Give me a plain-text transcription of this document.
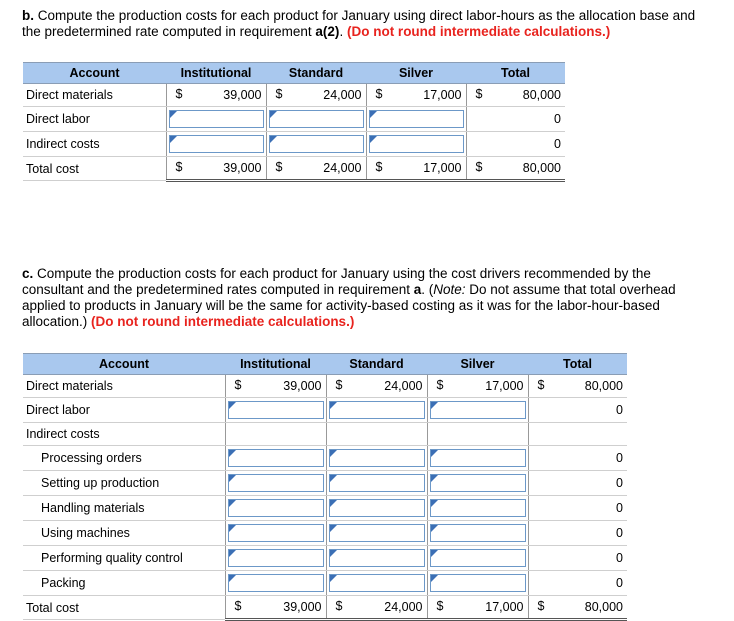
b. Compute the production costs for each product for January using direct labor-hours as the allocation base and
the predetermined rate computed in requirement a(2). (Do not round intermediate calculations.)
Account	Institutional	Standard	Silver	Total
Direct materials	$ 39,000	$ 24,000	$ 17,000	$ 80,000
Direct labor				0
Indirect costs				0
Total cost	$ 39,000	$ 24,000	$ 17,000	$ 80,000
c. Compute the production costs for each product for January using the cost drivers recommended by the
consultant and the predetermined rates computed in requirement a. (Note: Do not assume that total overhead
applied to products in January will be the same for activity-based costing as it was for the labor-hour-based
allocation.) (Do not round intermediate calculations.)
Account	Institutional	Standard	Silver	Total
Direct materials	$ 39,000	$ 24,000	$ 17,000	$ 80,000
Direct labor				0
Indirect costs				
Processing orders				0
Setting up production				0
Handling materials				0
Using machines				0
Performing quality control				0
Packing				0
Total cost	$ 39,000	$ 24,000	$ 17,000	$ 80,000
